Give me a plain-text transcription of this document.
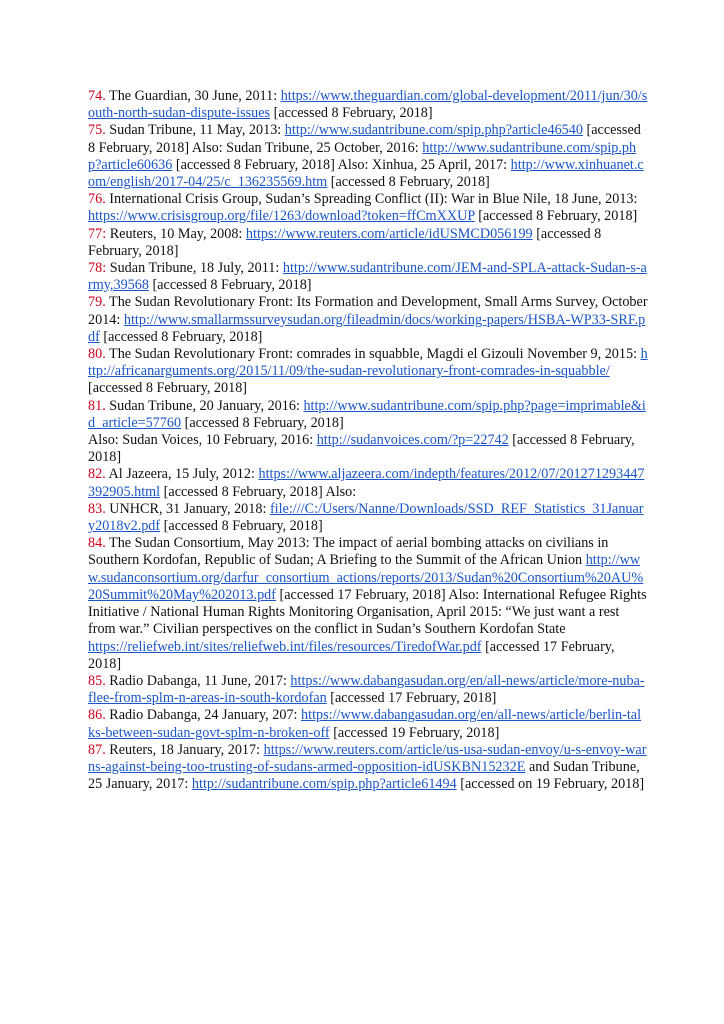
74. The Guardian, 30 June, 2011: https://www.theguardian.com/global-development/2011/jun/30/south-north-sudan-dispute-issues [accessed 8 February, 2018]

75. Sudan Tribune, 11 May, 2013: http://www.sudantribune.com/spip.php?article46540 [accessed 8 February, 2018] Also: Sudan Tribune, 25 October, 2016: http://www.sudantribune.com/spip.php?article60636 [accessed 8 February, 2018] Also: Xinhua, 25 April, 2017: http://www.xinhuanet.com/english/2017-04/25/c_136235569.htm [accessed 8 February, 2018]

76. International Crisis Group, Sudan’s Spreading Conflict (II): War in Blue Nile, 18 June, 2013: https://www.crisisgroup.org/file/1263/download?token=ffCmXXUP [accessed 8 February, 2018]

77: Reuters, 10 May, 2008: https://www.reuters.com/article/idUSMCD056199 [accessed 8 February, 2018]

78: Sudan Tribune, 18 July, 2011: http://www.sudantribune.com/JEM-and-SPLA-attack-Sudan-s-army,39568 [accessed 8 February, 2018]

79. The Sudan Revolutionary Front: Its Formation and Development, Small Arms Survey, October 2014: http://www.smallarmssurveysudan.org/fileadmin/docs/working-papers/HSBA-WP33-SRF.pdf [accessed 8 February, 2018]

80. The Sudan Revolutionary Front: comrades in squabble, Magdi el Gizouli November 9, 2015: http://africanarguments.org/2015/11/09/the-sudan-revolutionary-front-comrades-in-squabble/ [accessed 8 February, 2018]

81. Sudan Tribune, 20 January, 2016: http://www.sudantribune.com/spip.php?page=imprimable&id_article=57760 [accessed 8 February, 2018]
Also: Sudan Voices, 10 February, 2016: http://sudanvoices.com/?p=22742 [accessed 8 February, 2018]

82. Al Jazeera, 15 July, 2012: https://www.aljazeera.com/indepth/features/2012/07/201271293447392905.html [accessed 8 February, 2018] Also:

83. UNHCR, 31 January, 2018: file:///C:/Users/Nanne/Downloads/SSD_REF_Statistics_31January2018v2.pdf [accessed 8 February, 2018]

84. The Sudan Consortium, May 2013: The impact of aerial bombing attacks on civilians in Southern Kordofan, Republic of Sudan; A Briefing to the Summit of the African Union http://www.sudanconsortium.org/darfur_consortium_actions/reports/2013/Sudan%20Consortium%20AU%20Summit%20May%202013.pdf [accessed 17 February, 2018] Also: International Refugee Rights Initiative / National Human Rights Monitoring Organisation, April 2015: “We just want a rest from war.” Civilian perspectives on the conflict in Sudan’s Southern Kordofan State
https://reliefweb.int/sites/reliefweb.int/files/resources/TiredofWar.pdf [accessed 17 February, 2018]

85. Radio Dabanga, 11 June, 2017: https://www.dabangasudan.org/en/all-news/article/more-nuba-flee-from-splm-n-areas-in-south-kordofan [accessed 17 February, 2018]

86. Radio Dabanga, 24 January, 207: https://www.dabangasudan.org/en/all-news/article/berlin-talks-between-sudan-govt-splm-n-broken-off [accessed 19 February, 2018]

87. Reuters, 18 January, 2017: https://www.reuters.com/article/us-usa-sudan-envoy/u-s-envoy-warns-against-being-too-trusting-of-sudans-armed-opposition-idUSKBN15232E and Sudan Tribune, 25 January, 2017: http://sudantribune.com/spip.php?article61494 [accessed on 19 February, 2018]
